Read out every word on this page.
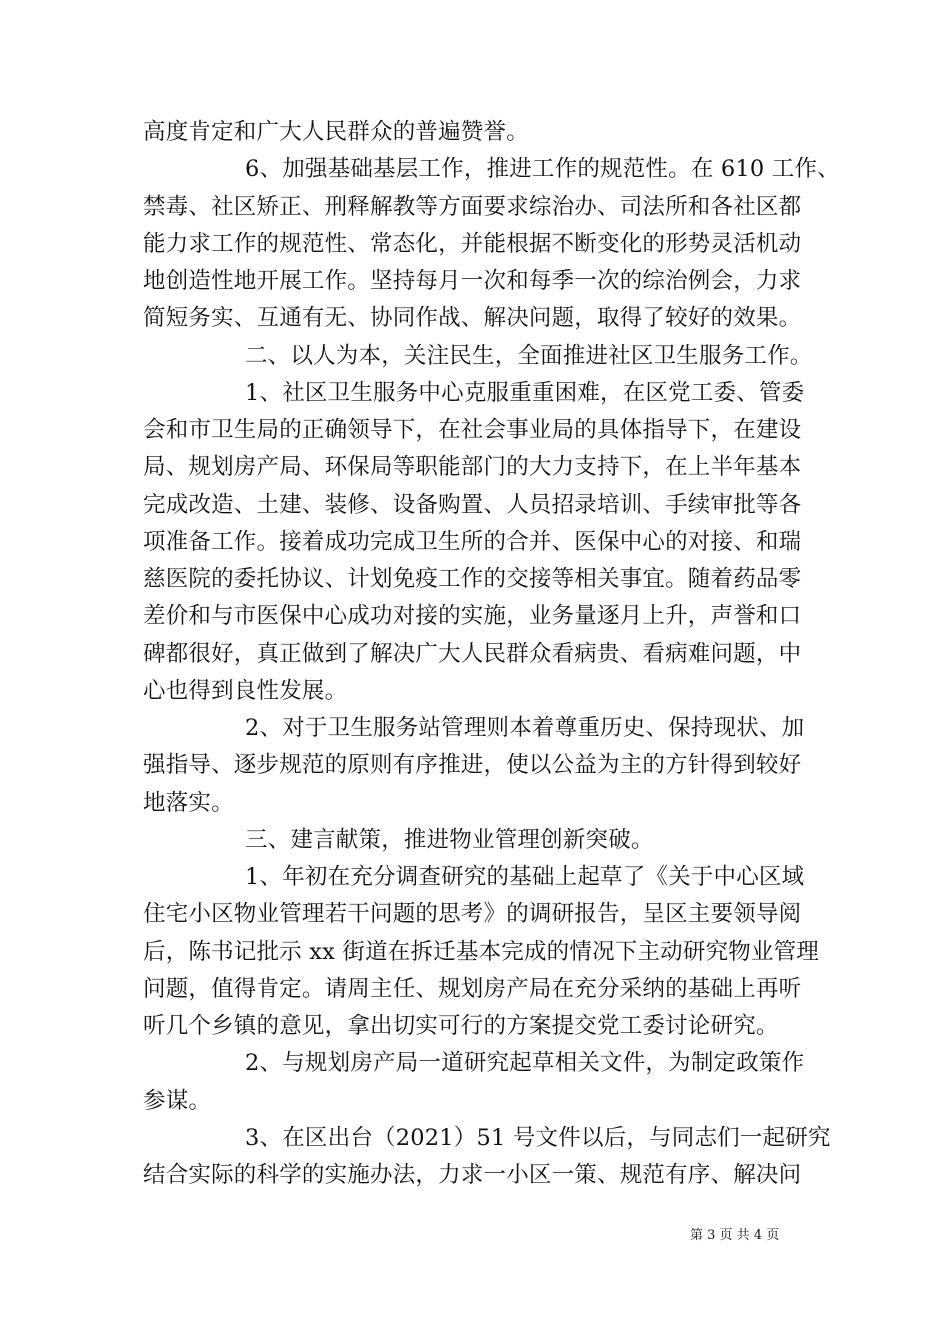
高度肯定和广大人民群众的普遍赞誉。
6、加强基础基层工作，推进工作的规范性。在 610 工作、
禁毒、社区矫正、刑释解教等方面要求综治办、司法所和各社区都
能力求工作的规范性、常态化，并能根据不断变化的形势灵活机动
地创造性地开展工作。坚持每月一次和每季一次的综治例会，力求
简短务实、互通有无、协同作战、解决问题，取得了较好的效果。
二、以人为本，关注民生，全面推进社区卫生服务工作。
1、社区卫生服务中心克服重重困难，在区党工委、管委
会和市卫生局的正确领导下，在社会事业局的具体指导下，在建设
局、规划房产局、环保局等职能部门的大力支持下，在上半年基本
完成改造、土建、装修、设备购置、人员招录培训、手续审批等各
项准备工作。接着成功完成卫生所的合并、医保中心的对接、和瑞
慈医院的委托协议、计划免疫工作的交接等相关事宜。随着药品零
差价和与市医保中心成功对接的实施，业务量逐月上升，声誉和口
碑都很好，真正做到了解决广大人民群众看病贵、看病难问题，中
心也得到良性发展。
2、对于卫生服务站管理则本着尊重历史、保持现状、加
强指导、逐步规范的原则有序推进，使以公益为主的方针得到较好
地落实。
三、建言献策，推进物业管理创新突破。
1、年初在充分调查研究的基础上起草了《关于中心区域
住宅小区物业管理若干问题的思考》的调研报告，呈区主要领导阅
后，陈书记批示 xx 街道在拆迁基本完成的情况下主动研究物业管理
问题，值得肯定。请周主任、规划房产局在充分采纳的基础上再听
听几个乡镇的意见，拿出切实可行的方案提交党工委讨论研究。
2、与规划房产局一道研究起草相关文件，为制定政策作
参谋。
3、在区出台（2021）51 号文件以后，与同志们一起研究
结合实际的科学的实施办法，力求一小区一策、规范有序、解决问
第 3 页 共 4 页
